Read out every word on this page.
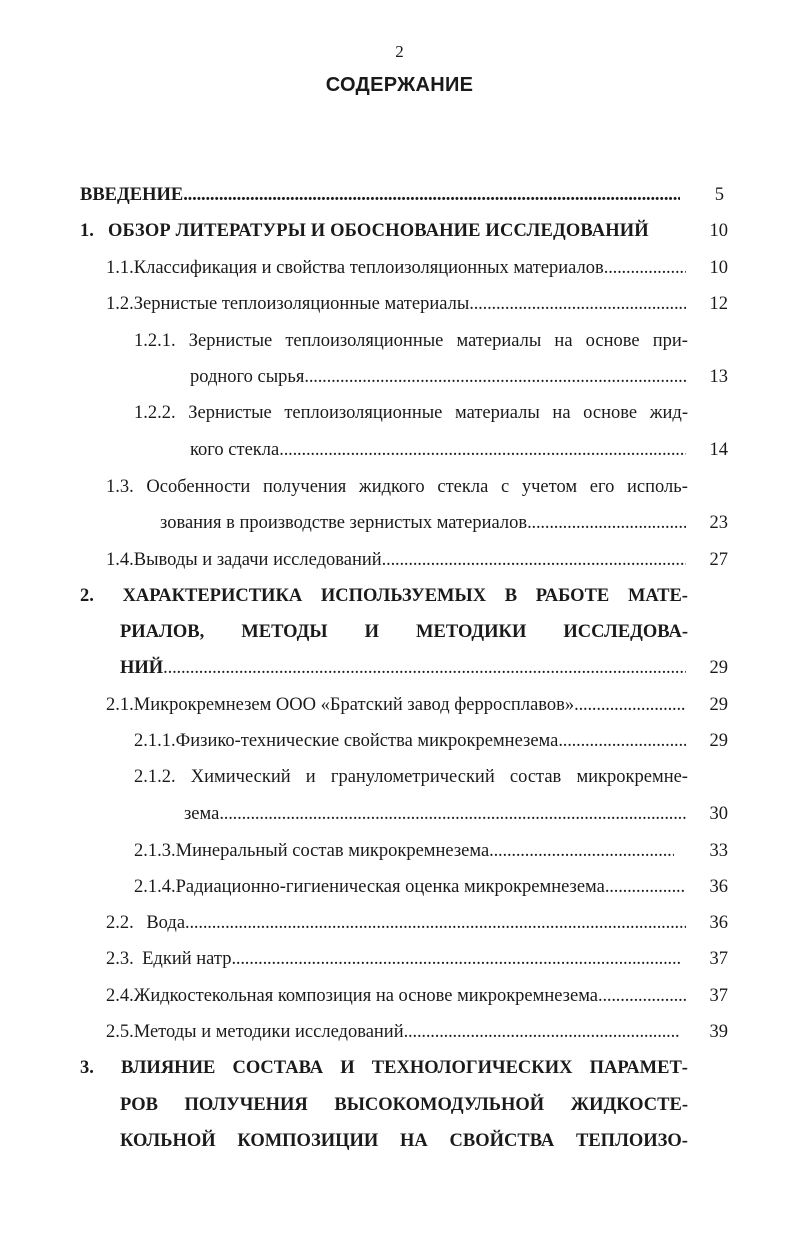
2
СОДЕРЖАНИЕ
ВВЕДЕНИЕ . . .	5
1. ОБЗОР ЛИТЕРАТУРЫ И ОБОСНОВАНИЕ ИССЛЕДОВАНИЙ	10
1.1. Классификация и свойства теплоизоляционных материалов . . .	10
1.2. Зернистые теплоизоляционные материалы . . .	12
1.2.1. Зернистые теплоизоляционные материалы на основе при-
родного сырья . . .	13
1.2.2. Зернистые теплоизоляционные материалы на основе жид-
кого стекла . . .	14
1.3. Особенности получения жидкого стекла с учетом его исполь-
зования в производстве зернистых материалов . . .	23
1.4. Выводы и задачи исследований . . .	27
2. ХАРАКТЕРИСТИКА ИСПОЛЬЗУЕМЫХ В РАБОТЕ МАТЕ-
РИАЛОВ, МЕТОДЫ И МЕТОДИКИ ИССЛЕДОВА-
НИЙ . . .	29
2.1. Микрокремнезем ООО «Братский завод ферросплавов» . . .	29
2.1.1. Физико-технические свойства микрокремнезема . . .	29
2.1.2. Химический и гранулометрический состав микрокремне-
зема . . .	30
2.1.3. Минеральный состав микрокремнезема . . .	33
2.1.4. Радиационно-гигиеническая оценка микрокремнезема . . .	36
2.2. Вода . . .	36
2.3. Едкий натр . . .	37
2.4. Жидкостекольная композиция на основе микрокремнезема . . .	37
2.5. Методы и методики исследований . . .	39
3. ВЛИЯНИЕ СОСТАВА И ТЕХНОЛОГИЧЕСКИХ ПАРАМЕТ-
РОВ ПОЛУЧЕНИЯ ВЫСОКОМОДУЛЬНОЙ ЖИДКОСТЕ-
КОЛЬНОЙ КОМПОЗИЦИИ НА СВОЙСТВА ТЕПЛОИЗО-
